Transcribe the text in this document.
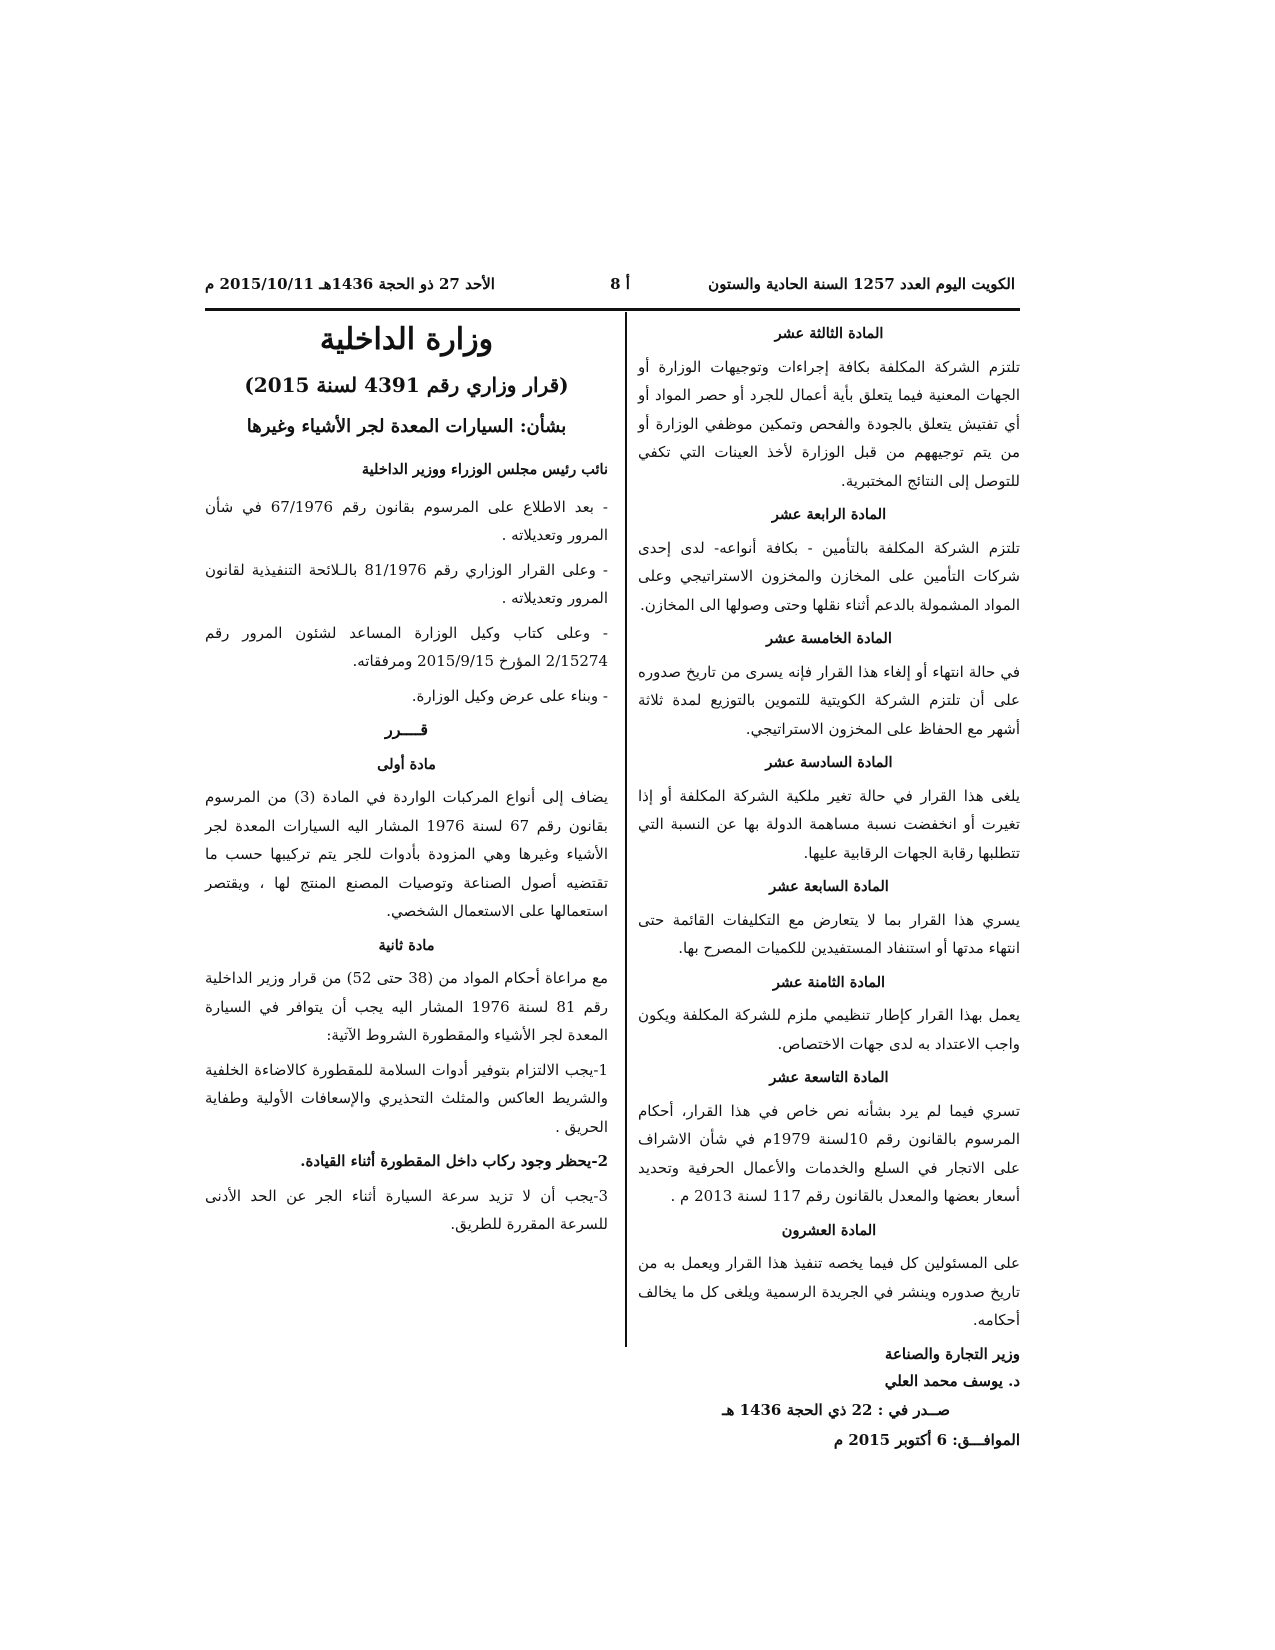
الكويت اليوم العدد 1257 السنة الحادية والستون
أ 8
الأحد 27 ذو الحجة 1436هـ 2015/10/11 م
المادة الثالثة عشر
تلتزم الشركة المكلفة بكافة إجراءات وتوجيهات الوزارة أو الجهات المعنية فيما يتعلق بأية أعمال للجرد أو حصر المواد أو أي تفتيش يتعلق بالجودة والفحص وتمكين موظفي الوزارة أو من يتم توجيههم من قبل الوزارة لأخذ العينات التي تكفي للتوصل إلى النتائج المختبرية.
المادة الرابعة عشر
تلتزم الشركة المكلفة بالتأمين - بكافة أنواعه- لدى إحدى شركات التأمين على المخازن والمخزون الاستراتيجي وعلى المواد المشمولة بالدعم أثناء نقلها وحتى وصولها الى المخازن.
المادة الخامسة عشر
في حالة انتهاء أو إلغاء هذا القرار فإنه يسرى من تاريخ صدوره على أن تلتزم الشركة الكويتية للتموين بالتوزيع لمدة ثلاثة أشهر مع الحفاظ على المخزون الاستراتيجي.
المادة السادسة عشر
يلغى هذا القرار في حالة تغير ملكية الشركة المكلفة أو إذا تغيرت أو انخفضت نسبة مساهمة الدولة بها عن النسبة التي تتطلبها رقابة الجهات الرقابية عليها.
المادة السابعة عشر
يسري هذا القرار بما لا يتعارض مع التكليفات القائمة حتى انتهاء مدتها أو استنفاد المستفيدين للكميات المصرح بها.
المادة الثامنة عشر
يعمل بهذا القرار كإطار تنظيمي ملزم للشركة المكلفة ويكون واجب الاعتداد به لدى جهات الاختصاص.
المادة التاسعة عشر
تسري فيما لم يرد بشأنه نص خاص في هذا القرار، أحكام المرسوم بالقانون رقم 10لسنة 1979م في شأن الاشراف على الاتجار في السلع والخدمات والأعمال الحرفية وتحديد أسعار بعضها والمعدل بالقانون رقم 117 لسنة 2013 م .
المادة العشرون
على المسئولين كل فيما يخصه تنفيذ هذا القرار ويعمل به من تاريخ صدوره وينشر في الجريدة الرسمية ويلغى كل ما يخالف أحكامه.
وزير التجارة والصناعة
د. يوسف محمد العلي
صــدر في : 22 ذي الحجة 1436 هـ
الموافـــق: 6 أكتوبر 2015 م
وزارة الداخلية
(قرار وزاري رقم 4391 لسنة 2015)
بشأن: السيارات المعدة لجر الأشياء وغيرها
نائب رئيس مجلس الوزراء ووزير الداخلية
- بعد الاطلاع على المرسوم بقانون رقم 67/1976 في شأن المرور وتعديلاته .
- وعلى القرار الوزاري رقم 81/1976 بالـلائحة التنفيذية لقانون المرور وتعديلاته .
- وعلى كتاب وكيل الوزارة المساعد لشئون المرور رقم 2/15274 المؤرخ 2015/9/15 ومرفقاته.
- وبناء على عرض وكيل الوزارة.
قــــرر
مادة أولى
يضاف إلى أنواع المركبات الواردة في المادة (3) من المرسوم بقانون رقم 67 لسنة 1976 المشار اليه السيارات المعدة لجر الأشياء وغيرها وهي المزودة بأدوات للجر يتم تركيبها حسب ما تقتضيه أصول الصناعة وتوصيات المصنع المنتج لها ، ويقتصر استعمالها على الاستعمال الشخصي.
مادة ثانية
مع مراعاة أحكام المواد من (38 حتى 52) من قرار وزير الداخلية رقم 81 لسنة 1976 المشار اليه يجب أن يتوافر في السيارة المعدة لجر الأشياء والمقطورة الشروط الآتية:
1-يجب الالتزام بتوفير أدوات السلامة للمقطورة كالاضاءة الخلفية والشريط العاكس والمثلث التحذيري والإسعافات الأولية وطفاية الحريق .
2-يحظر وجود ركاب داخل المقطورة أثناء القيادة.
3-يجب أن لا تزيد سرعة السيارة أثناء الجر عن الحد الأدنى للسرعة المقررة للطريق.
